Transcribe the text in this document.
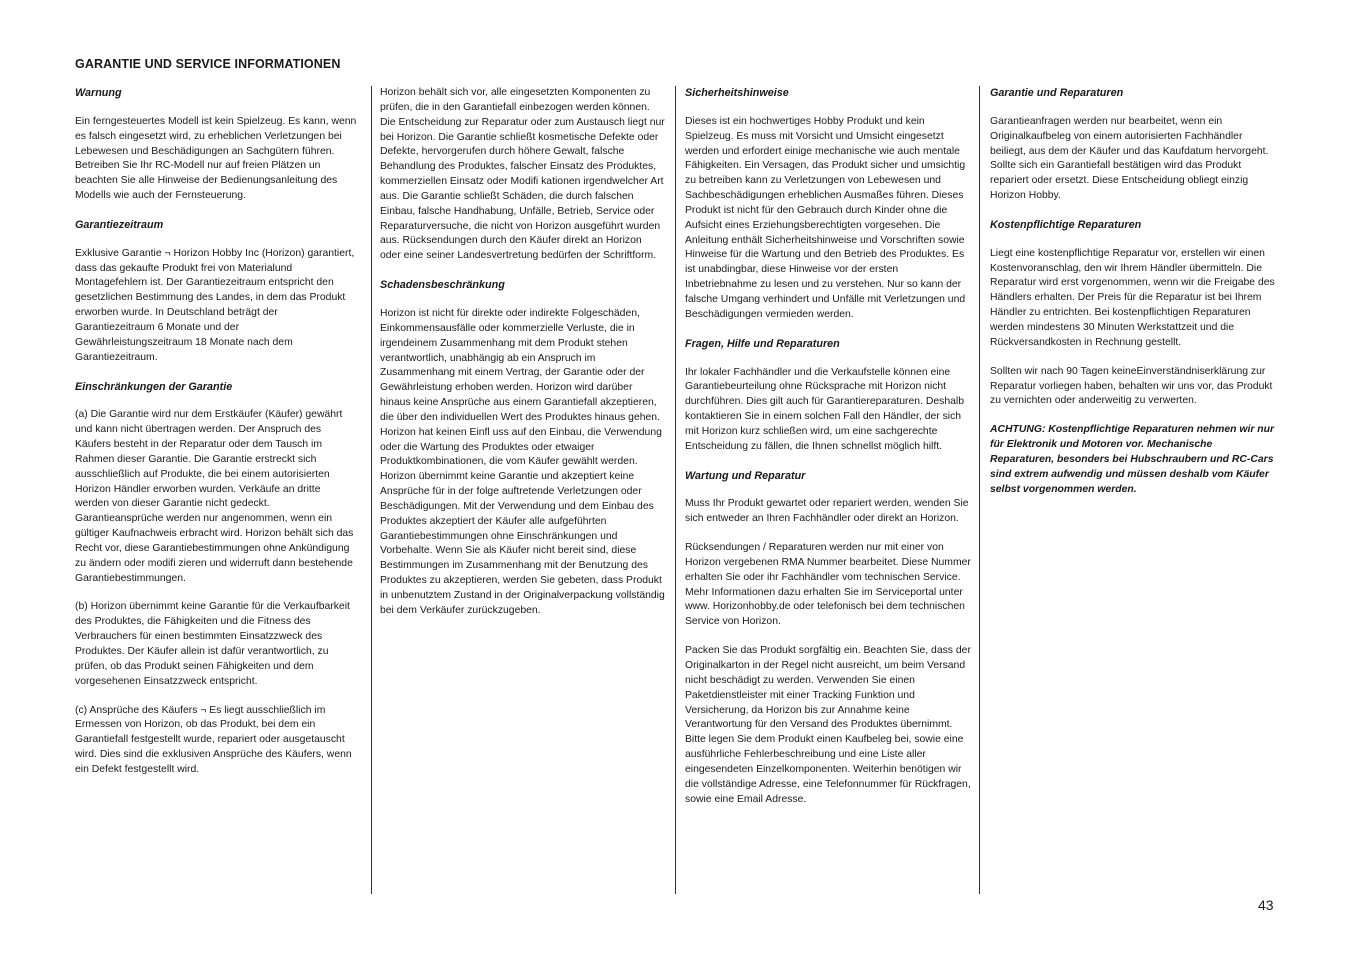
GARANTIE UND SERVICE INFORMATIONEN
Warnung
Ein ferngesteuertes Modell ist kein Spielzeug. Es kann, wenn es falsch eingesetzt wird, zu erheblichen Verletzungen bei Lebewesen und Beschädigungen an Sachgütern führen. Betreiben Sie Ihr RC-Modell nur auf freien Plätzen un beachten Sie alle Hinweise der Bedienungsanleitung des Modells wie auch der Fernsteuerung.
Garantiezeitraum
Exklusive Garantie ¬ Horizon Hobby Inc (Horizon) garantiert, dass das gekaufte Produkt frei von Materialund Montagefehlern ist. Der Garantiezeitraum entspricht den gesetzlichen Bestimmung des Landes, in dem das Produkt erworben wurde. In Deutschland beträgt der Garantiezeitraum 6 Monate und der Gewährleistungszeitraum 18 Monate nach dem Garantiezeitraum.
Einschränkungen der Garantie
(a) Die Garantie wird nur dem Erstkäufer (Käufer) gewährt und kann nicht übertragen werden. Der Anspruch des Käufers besteht in der Reparatur oder dem Tausch im Rahmen dieser Garantie. Die Garantie erstreckt sich ausschließlich auf Produkte, die bei einem autorisierten Horizon Händler erworben wurden. Verkäufe an dritte werden von dieser Garantie nicht gedeckt. Garantieansprüche werden nur angenommen, wenn ein gültiger Kaufnachweis erbracht wird. Horizon behält sich das Recht vor, diese Garantiebestimmungen ohne Ankündigung zu ändern oder modifi zieren und widerruft dann bestehende Garantiebestimmungen.
(b) Horizon übernimmt keine Garantie für die Verkaufbarkeit des Produktes, die Fähigkeiten und die Fitness des Verbrauchers für einen bestimmten Einsatzzweck des Produktes. Der Käufer allein ist dafür verantwortlich, zu prüfen, ob das Produkt seinen Fähigkeiten und dem vorgesehenen Einsatzzweck entspricht.
(c) Ansprüche des Käufers ¬ Es liegt ausschließlich im Ermessen von Horizon, ob das Produkt, bei dem ein Garantiefall festgestellt wurde, repariert oder ausgetauscht wird. Dies sind die exklusiven Ansprüche des Käufers, wenn ein Defekt festgestellt wird.
Horizon behält sich vor, alle eingesetzten Komponenten zu prüfen, die in den Garantiefall einbezogen werden können. Die Entscheidung zur Reparatur oder zum Austausch liegt nur bei Horizon. Die Garantie schließt kosmetische Defekte oder Defekte, hervorgerufen durch höhere Gewalt, falsche Behandlung des Produktes, falscher Einsatz des Produktes, kommerziellen Einsatz oder Modifi kationen irgendwelcher Art aus. Die Garantie schließt Schäden, die durch falschen Einbau, falsche Handhabung, Unfälle, Betrieb, Service oder Reparaturversuche, die nicht von Horizon ausgeführt wurden aus. Rücksendungen durch den Käufer direkt an Horizon oder eine seiner Landesvertretung bedürfen der Schriftform.
Schadensbeschränkung
Horizon ist nicht für direkte oder indirekte Folgeschäden, Einkommensausfälle oder kommerzielle Verluste, die in irgendeinem Zusammenhang mit dem Produkt stehen verantwortlich, unabhängig ab ein Anspruch im Zusammenhang mit einem Vertrag, der Garantie oder der Gewährleistung erhoben werden. Horizon wird darüber hinaus keine Ansprüche aus einem Garantiefall akzeptieren, die über den individuellen Wert des Produktes hinaus gehen. Horizon hat keinen Einfl uss auf den Einbau, die Verwendung oder die Wartung des Produktes oder etwaiger Produktkombinationen, die vom Käufer gewählt werden. Horizon übernimmt keine Garantie und akzeptiert keine Ansprüche für in der folge auftretende Verletzungen oder Beschädigungen. Mit der Verwendung und dem Einbau des Produktes akzeptiert der Käufer alle aufgeführten Garantiebestimmungen ohne Einschränkungen und Vorbehalte. Wenn Sie als Käufer nicht bereit sind, diese Bestimmungen im Zusammenhang mit der Benutzung des Produktes zu akzeptieren, werden Sie gebeten, dass Produkt in unbenutztem Zustand in der Originalverpackung vollständig bei dem Verkäufer zurückzugeben.
Sicherheitshinweise
Dieses ist ein hochwertiges Hobby Produkt und kein Spielzeug. Es muss mit Vorsicht und Umsicht eingesetzt werden und erfordert einige mechanische wie auch mentale Fähigkeiten. Ein Versagen, das Produkt sicher und umsichtig zu betreiben kann zu Verletzungen von Lebewesen und Sachbeschädigungen erheblichen Ausmaßes führen. Dieses Produkt ist nicht für den Gebrauch durch Kinder ohne die Aufsicht eines Erziehungsberechtigten vorgesehen. Die Anleitung enthält Sicherheitshinweise und Vorschriften sowie Hinweise für die Wartung und den Betrieb des Produktes. Es ist unabdingbar, diese Hinweise vor der ersten Inbetriebnahme zu lesen und zu verstehen. Nur so kann der falsche Umgang verhindert und Unfälle mit Verletzungen und Beschädigungen vermieden werden.
Fragen, Hilfe und Reparaturen
Ihr lokaler Fachhändler und die Verkaufstelle können eine Garantiebeurteilung ohne Rücksprache mit Horizon nicht durchführen. Dies gilt auch für Garantiereparaturen. Deshalb kontaktieren Sie in einem solchen Fall den Händler, der sich mit Horizon kurz schließen wird, um eine sachgerechte Entscheidung zu fällen, die Ihnen schnellst möglich hilft.
Wartung und Reparatur
Muss Ihr Produkt gewartet oder repariert werden, wenden Sie sich entweder an Ihren Fachhändler oder direkt an Horizon.
Rücksendungen / Reparaturen werden nur mit einer von Horizon vergebenen RMA Nummer bearbeitet. Diese Nummer erhalten Sie oder ihr Fachhändler vom technischen Service. Mehr Informationen dazu erhalten Sie im Serviceportal unter www. Horizonhobby.de oder telefonisch bei dem technischen Service von Horizon.
Packen Sie das Produkt sorgfältig ein. Beachten Sie, dass der Originalkarton in der Regel nicht ausreicht, um beim Versand nicht beschädigt zu werden. Verwenden Sie einen Paketdienstleister mit einer Tracking Funktion und Versicherung, da Horizon bis zur Annahme keine Verantwortung für den Versand des Produktes übernimmt. Bitte legen Sie dem Produkt einen Kaufbeleg bei, sowie eine ausführliche Fehlerbeschreibung und eine Liste aller eingesendeten Einzelkomponenten. Weiterhin benötigen wir die vollständige Adresse, eine Telefonnummer für Rückfragen, sowie eine Email Adresse.
Garantie und Reparaturen
Garantieanfragen werden nur bearbeitet, wenn ein Originalkaufbeleg von einem autorisierten Fachhändler beiliegt, aus dem der Käufer und das Kaufdatum hervorgeht. Sollte sich ein Garantiefall bestätigen wird das Produkt repariert oder ersetzt. Diese Entscheidung obliegt einzig Horizon Hobby.
Kostenpflichtige Reparaturen
Liegt eine kostenpflichtige Reparatur vor, erstellen wir einen Kostenvoranschlag, den wir Ihrem Händler übermitteln. Die Reparatur wird erst vorgenommen, wenn wir die Freigabe des Händlers erhalten. Der Preis für die Reparatur ist bei Ihrem Händler zu entrichten. Bei kostenpflichtigen Reparaturen werden mindestens 30 Minuten Werkstattzeit und die Rückversandkosten in Rechnung gestellt.
Sollten wir nach 90 Tagen keineEinverständniserklärung zur Reparatur vorliegen haben, behalten wir uns vor, das Produkt zu vernichten oder anderweitig zu verwerten.
ACHTUNG: Kostenpflichtige Reparaturen nehmen wir nur für Elektronik und Motoren vor. Mechanische Reparaturen, besonders bei Hubschraubern und RC-Cars sind extrem aufwendig und müssen deshalb vom Käufer selbst vorgenommen werden.
43
